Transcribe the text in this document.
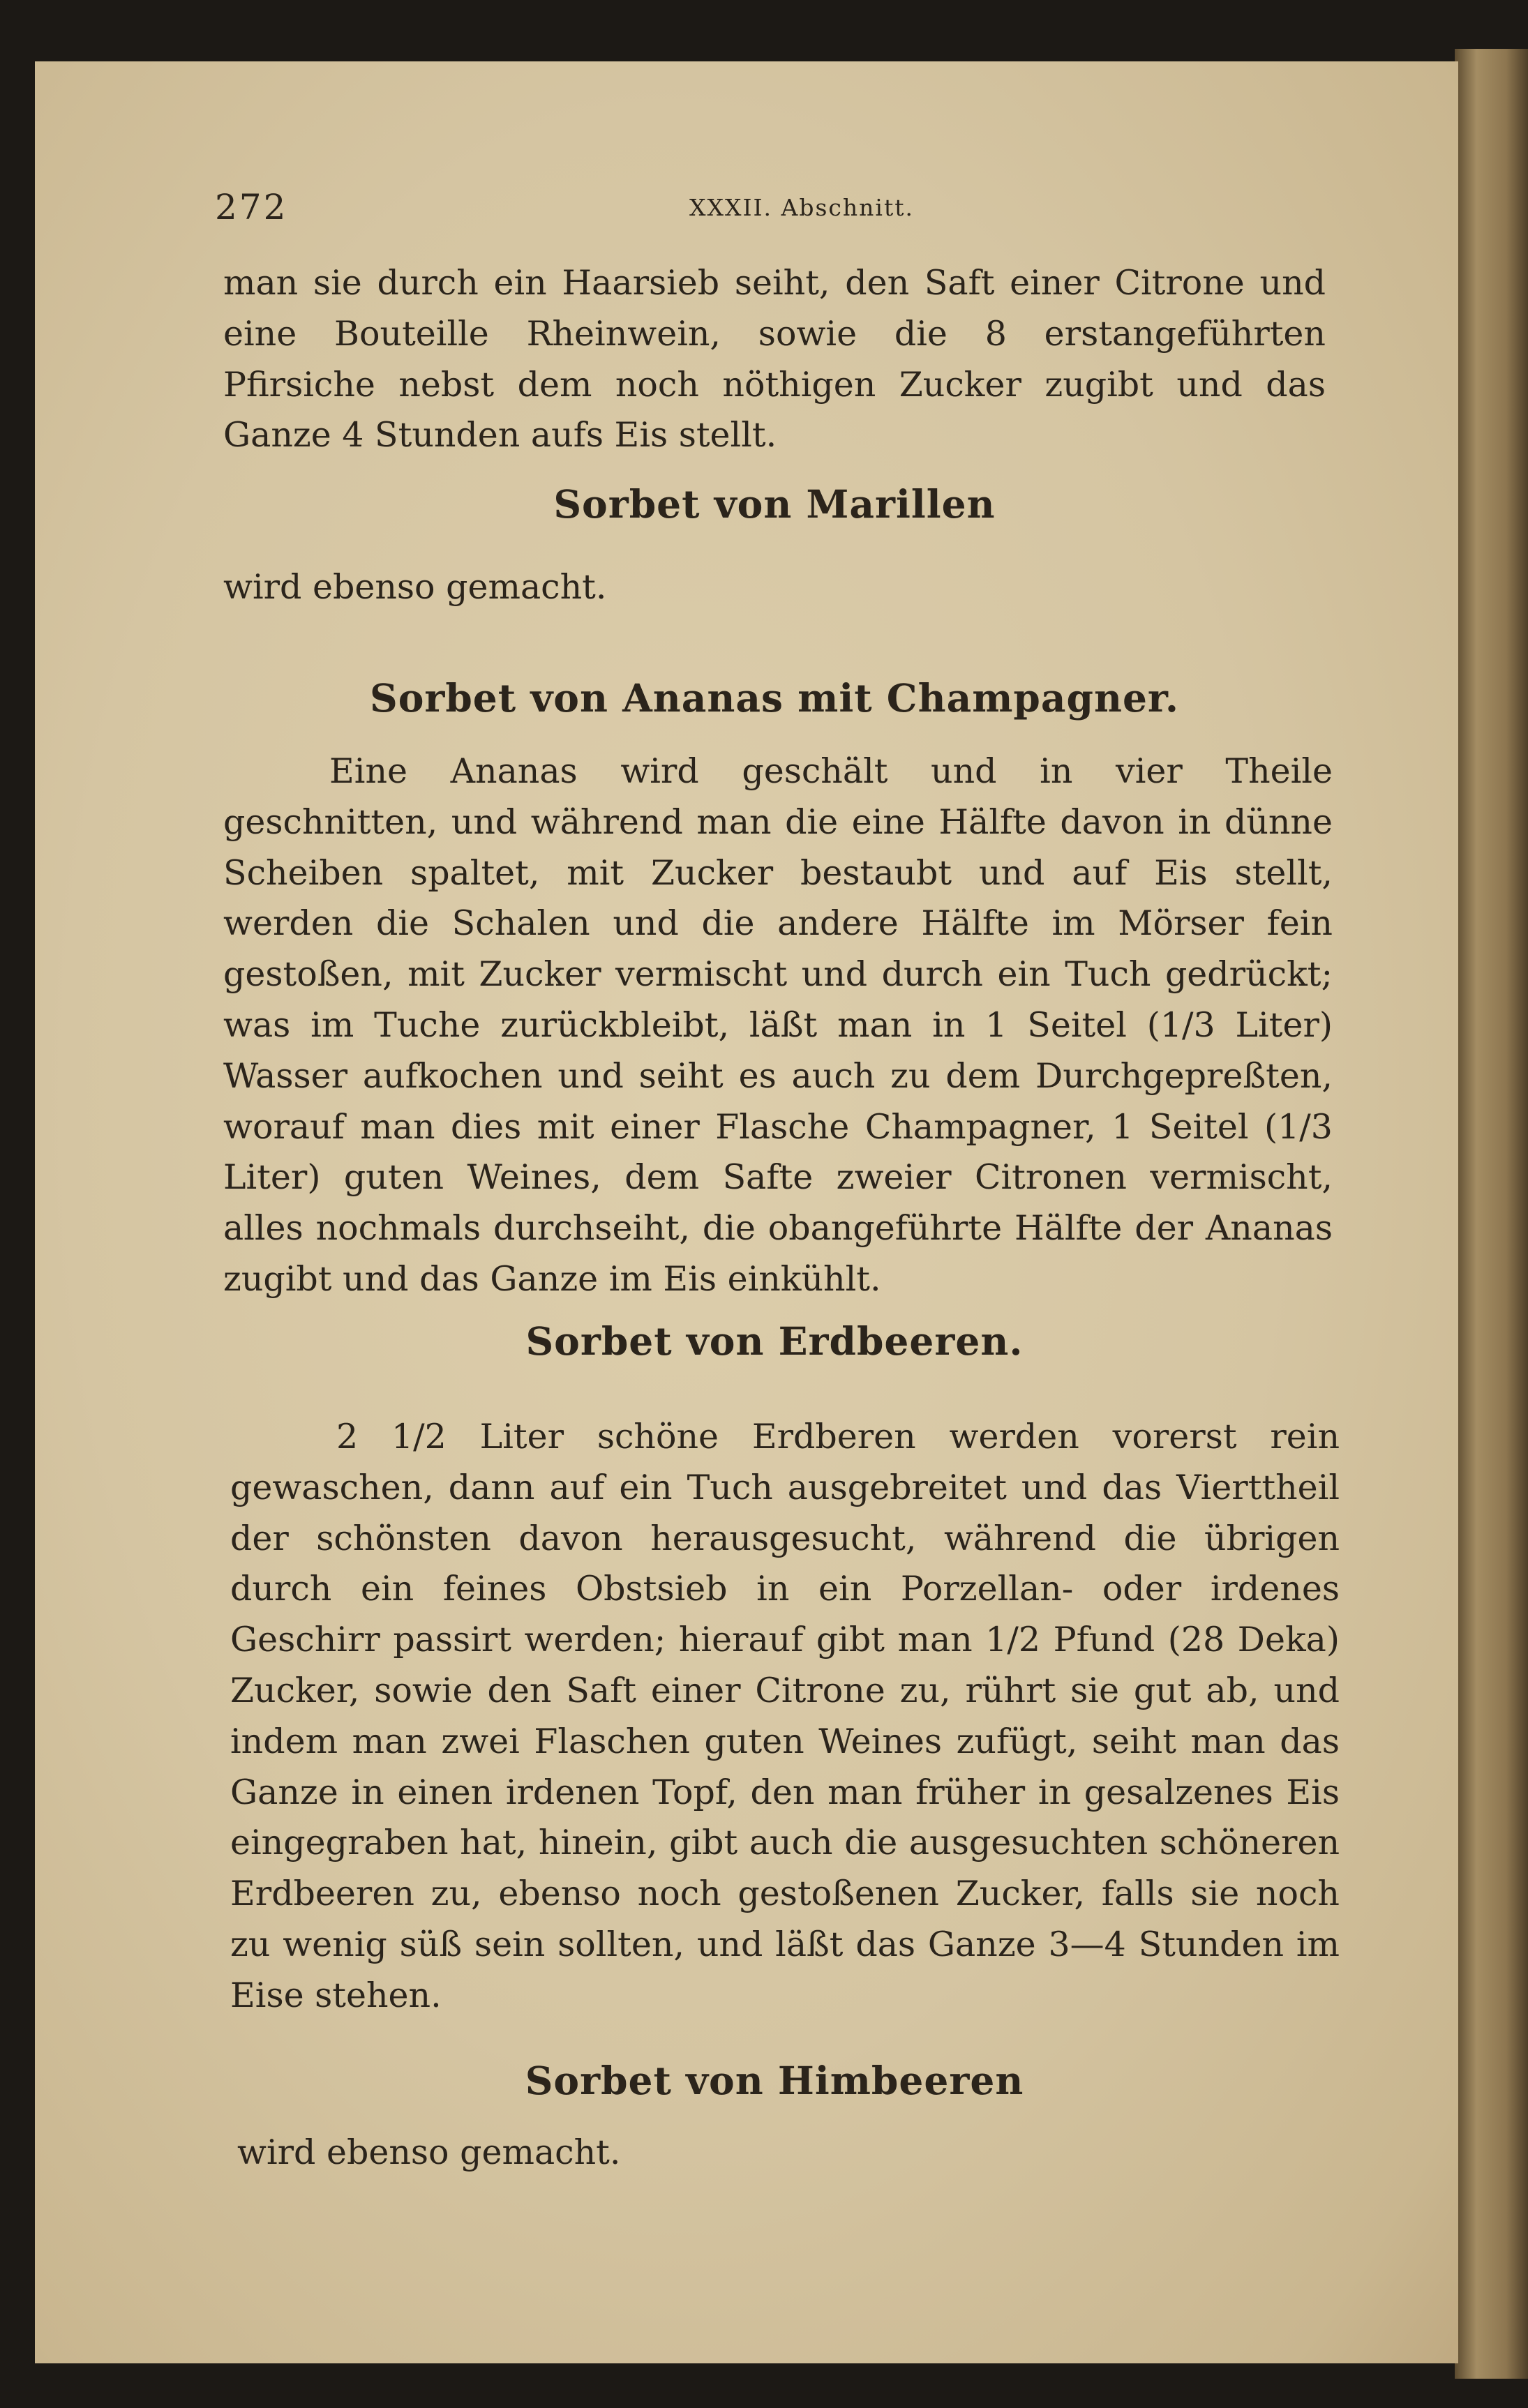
272	XXXII. Abschnitt.

man sie durch ein Haarsieb seiht, den Saft einer Citrone und eine Bouteille Rheinwein, sowie die 8 erstangeführten Pfirsiche nebst dem noch nöthigen Zucker zugibt und das Ganze 4 Stunden aufs Eis stellt.

Sorbet von Marillen

wird ebenso gemacht.

Sorbet von Ananas mit Champagner.

Eine Ananas wird geschält und in vier Theile geschnitten, und während man die eine Hälfte davon in dünne Scheiben spaltet, mit Zucker bestaubt und auf Eis stellt, werden die Schalen und die andere Hälfte im Mörser fein gestoßen, mit Zucker vermischt und durch ein Tuch gedrückt; was im Tuche zurückbleibt, läßt man in 1 Seitel (1/3 Liter) Wasser aufkochen und seiht es auch zu dem Durchgepreßten, worauf man dies mit einer Flasche Champagner, 1 Seitel (1/3 Liter) guten Weines, dem Safte zweier Citronen vermischt, alles nochmals durchseiht, die obangeführte Hälfte der Ananas zugibt und das Ganze im Eis einkühlt.

Sorbet von Erdbeeren.

2 1/2 Liter schöne Erdberen werden vorerst rein gewaschen, dann auf ein Tuch ausgebreitet und das Vierttheil der schönsten davon herausgesucht, während die übrigen durch ein feines Obstsieb in ein Porzellan- oder irdenes Geschirr passirt werden; hierauf gibt man 1/2 Pfund (28 Deka) Zucker, sowie den Saft einer Citrone zu, rührt sie gut ab, und indem man zwei Flaschen guten Weines zufügt, seiht man das Ganze in einen irdenen Topf, den man früher in gesalzenes Eis eingegraben hat, hinein, gibt auch die ausgesuchten schöneren Erdbeeren zu, ebenso noch gestoßenen Zucker, falls sie noch zu wenig süß sein sollten, und läßt das Ganze 3—4 Stunden im Eise stehen.

Sorbet von Himbeeren

wird ebenso gemacht.
